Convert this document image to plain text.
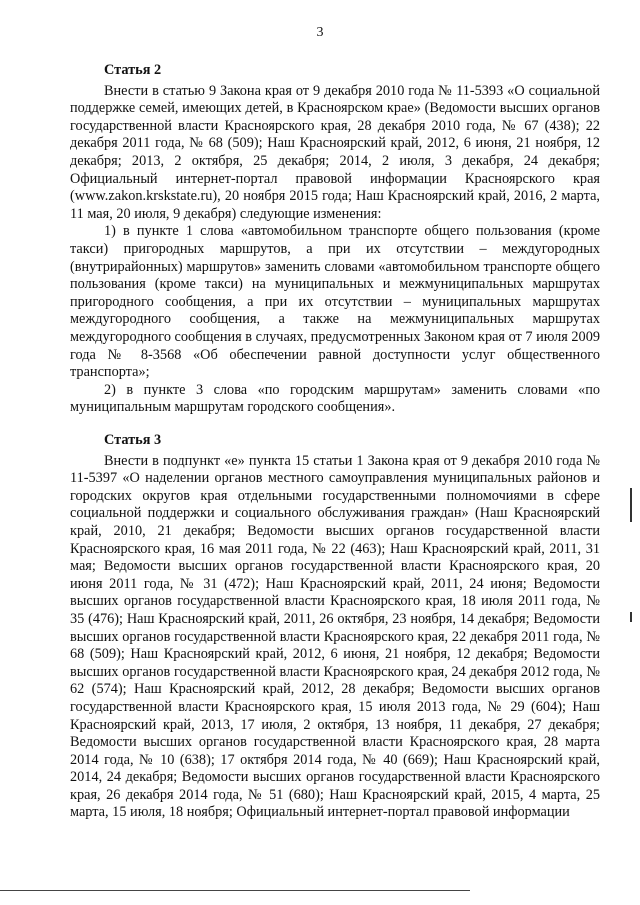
3
Статья 2

Внести в статью 9 Закона края от 9 декабря 2010 года № 11-5393 «О социальной поддержке семей, имеющих детей, в Красноярском крае» (Ведомости высших органов государственной власти Красноярского края, 28 декабря 2010 года, № 67 (438); 22 декабря 2011 года, № 68 (509); Наш Красноярский край, 2012, 6 июня, 21 ноября, 12 декабря; 2013, 2 октября, 25 декабря; 2014, 2 июля, 3 декабря, 24 декабря; Официальный интернет-портал правовой информации Красноярского края (www.zakon.krskstate.ru), 20 ноября 2015 года; Наш Красноярский край, 2016, 2 марта, 11 мая, 20 июля, 9 декабря) следующие изменения:

1) в пункте 1 слова «автомобильном транспорте общего пользования (кроме такси) пригородных маршрутов, а при их отсутствии – междугородных (внутрирайонных) маршрутов» заменить словами «автомобильном транспорте общего пользования (кроме такси) на муниципальных и межмуниципальных маршрутах пригородного сообщения, а при их отсутствии – муниципальных маршрутах междугородного сообщения, а также на межмуниципальных маршрутах междугородного сообщения в случаях, предусмотренных Законом края от 7 июля 2009 года № 8-3568 «Об обеспечении равной доступности услуг общественного транспорта»;

2) в пункте 3 слова «по городским маршрутам» заменить словами «по муниципальным маршрутам городского сообщения».

Статья 3

Внести в подпункт «е» пункта 15 статьи 1 Закона края от 9 декабря 2010 года № 11-5397 «О наделении органов местного самоуправления муниципальных районов и городских округов края отдельными государственными полномочиями в сфере социальной поддержки и социального обслуживания граждан» (Наш Красноярский край, 2010, 21 декабря; Ведомости высших органов государственной власти Красноярского края, 16 мая 2011 года, № 22 (463); Наш Красноярский край, 2011, 31 мая; Ведомости высших органов государственной власти Красноярского края, 20 июня 2011 года, № 31 (472); Наш Красноярский край, 2011, 24 июня; Ведомости высших органов государственной власти Красноярского края, 18 июля 2011 года, № 35 (476); Наш Красноярский край, 2011, 26 октября, 23 ноября, 14 декабря; Ведомости высших органов государственной власти Красноярского края, 22 декабря 2011 года, № 68 (509); Наш Красноярский край, 2012, 6 июня, 21 ноября, 12 декабря; Ведомости высших органов государственной власти Красноярского края, 24 декабря 2012 года, № 62 (574); Наш Красноярский край, 2012, 28 декабря; Ведомости высших органов государственной власти Красноярского края, 15 июля 2013 года, № 29 (604); Наш Красноярский край, 2013, 17 июля, 2 октября, 13 ноября, 11 декабря, 27 декабря; Ведомости высших органов государственной власти Красноярского края, 28 марта 2014 года, № 10 (638); 17 октября 2014 года, № 40 (669); Наш Красноярский край, 2014, 24 декабря; Ведомости высших органов государственной власти Красноярского края, 26 декабря 2014 года, № 51 (680); Наш Красноярский край, 2015, 4 марта, 25 марта, 15 июля, 18 ноября; Официальный интернет-портал правовой информации
